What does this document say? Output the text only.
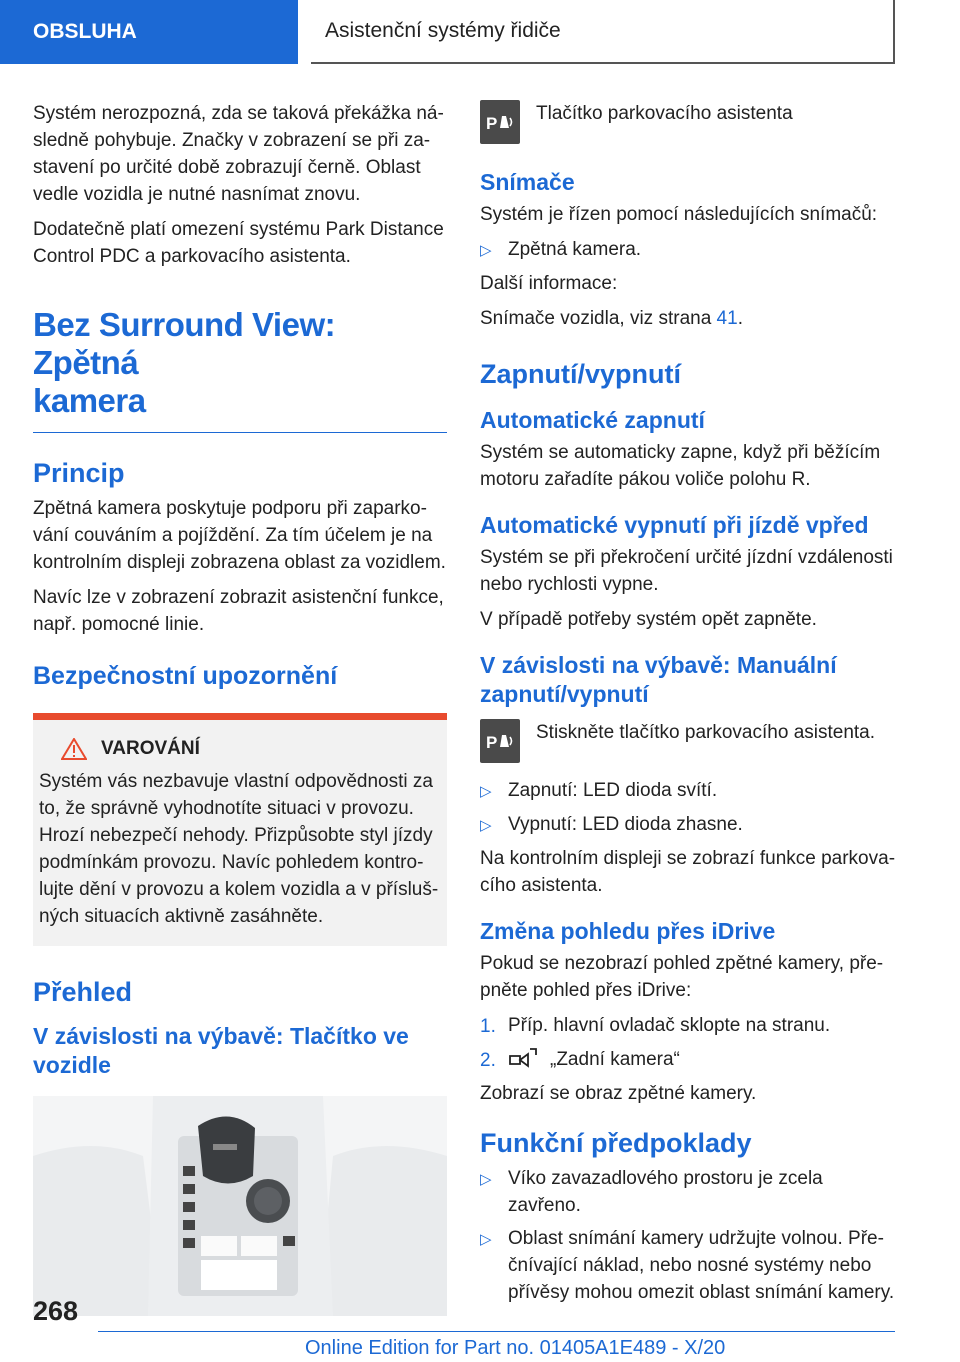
OBSLUHA	Asistenční systémy řidiče

Systém nerozpozná, zda se taková překážka následně pohybuje. Značky v zobrazení se při zastavení po určité době zobrazují černě. Oblast vedle vozidla je nutné nasnímat znovu.

Dodatečně platí omezení systému Park Distance Control PDC a parkovacího asistenta.

Bez Surround View: Zpětná
kamera
Princip

Zpětná kamera poskytuje podporu při zaparkování couváním a pojíždění. Za tím účelem je na kontrolním displeji zobrazena oblast za vozidlem.

Navíc lze v zobrazení zobrazit asistenční funkce, např. pomocné linie.

Bezpečnostní upozornění
VAROVÁNÍ

Systém vás nezbavuje vlastní odpovědnosti za to, že správně vyhodnotíte situaci v provozu. Hrozí nebezpečí nehody. Přizpůsobte styl jízdy podmínkám provozu. Navíc pohledem kontrolujte dění v provozu a kolem vozidla a v příslušných situacích aktivně zasáhněte.

Přehled
V závislosti na výbavě: Tlačítko ve vozidle
P Tlačítko parkovacího asistenta

Snímače

Systém je řízen pomocí následujících snímačů:

▷ Zpětná kamera.

Další informace:

Snímače vozidla, viz strana 41.

Zapnutí/vypnutí
Automatické zapnutí

Systém se automaticky zapne, když při běžícím motoru zařadíte pákou voliče polohu R.

Automatické vypnutí při jízdě vpřed

Systém se při překročení určité jízdní vzdálenosti nebo rychlosti vypne.

V případě potřeby systém opět zapněte.

V závislosti na výbavě: Manuální zapnutí/vypnutí
P Stiskněte tlačítko parkovacího asistenta.

▷ Zapnutí: LED dioda svítí.
▷ Vypnutí: LED dioda zhasne.

Na kontrolním displeji se zobrazí funkce parkovacího asistenta.

Změna pohledu přes iDrive

Pokud se nezobrazí pohled zpětné kamery, přepněte pohled přes iDrive:

1. Příp. hlavní ovladač sklopte na stranu.
2.	„Zadní kamera“

Zobrazí se obraz zpětné kamery.

Funkční předpoklady
▷ Víko zavazadlového prostoru je zcela zavřeno.
▷ Oblast snímání kamery udržujte volnou. Přečnívající náklad, nebo nosné systémy nebo přívěsy mohou omezit oblast snímání kamery.
268
Online Edition for Part no. 01405A1E489 - X/20
